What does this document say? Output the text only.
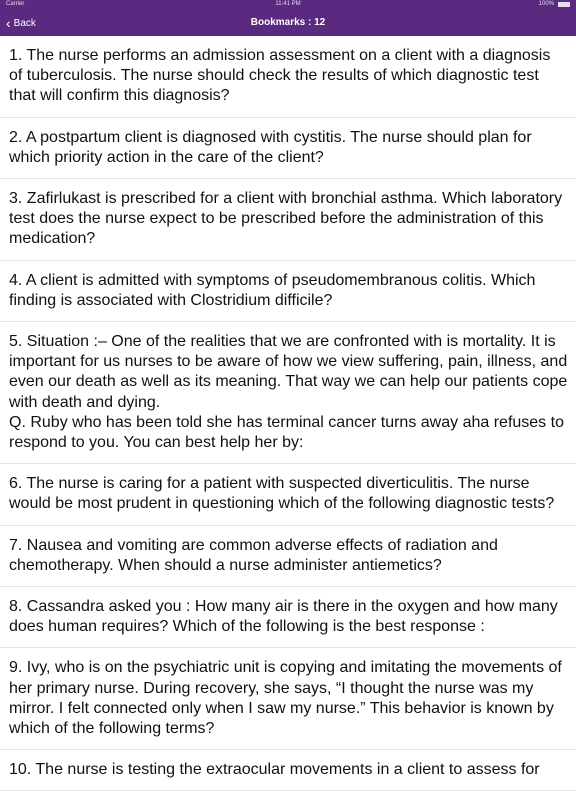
Carrier	11:41 PM	100%
‹ Back	Bookmarks : 12
1. The nurse performs an admission assessment on a client with a diagnosis of tuberculosis. The nurse should check the results of which diagnostic test that will confirm this diagnosis?
2. A postpartum client is diagnosed with cystitis. The nurse should plan for which priority action in the care of the client?
3. Zafirlukast is prescribed for a client with bronchial asthma. Which laboratory test does the nurse expect to be prescribed before the administration of this medication?
4. A client is admitted with symptoms of pseudomembranous colitis. Which finding is associated with Clostridium difficile?
5. Situation :– One of the realities that we are confronted with is mortality. It is important for us nurses to be aware of how we view suffering, pain, illness, and even our death as well as its meaning. That way we can help our patients cope with death and dying.
Q. Ruby who has been told she has terminal cancer turns away aha refuses to respond to you. You can best help her by:
6. The nurse is caring for a patient with suspected diverticulitis. The nurse would be most prudent in questioning which of the following diagnostic tests?
7. Nausea and vomiting are common adverse effects of radiation and chemotherapy. When should a nurse administer antiemetics?
8. Cassandra asked you : How many air is there in the oxygen and how many does human requires? Which of the following is the best response :
9. Ivy, who is on the psychiatric unit is copying and imitating the movements of her primary nurse. During recovery, she says, “I thought the nurse was my mirror. I felt connected only when I saw my nurse.” This behavior is known by which of the following terms?
10. The nurse is testing the extraocular movements in a client to assess for
